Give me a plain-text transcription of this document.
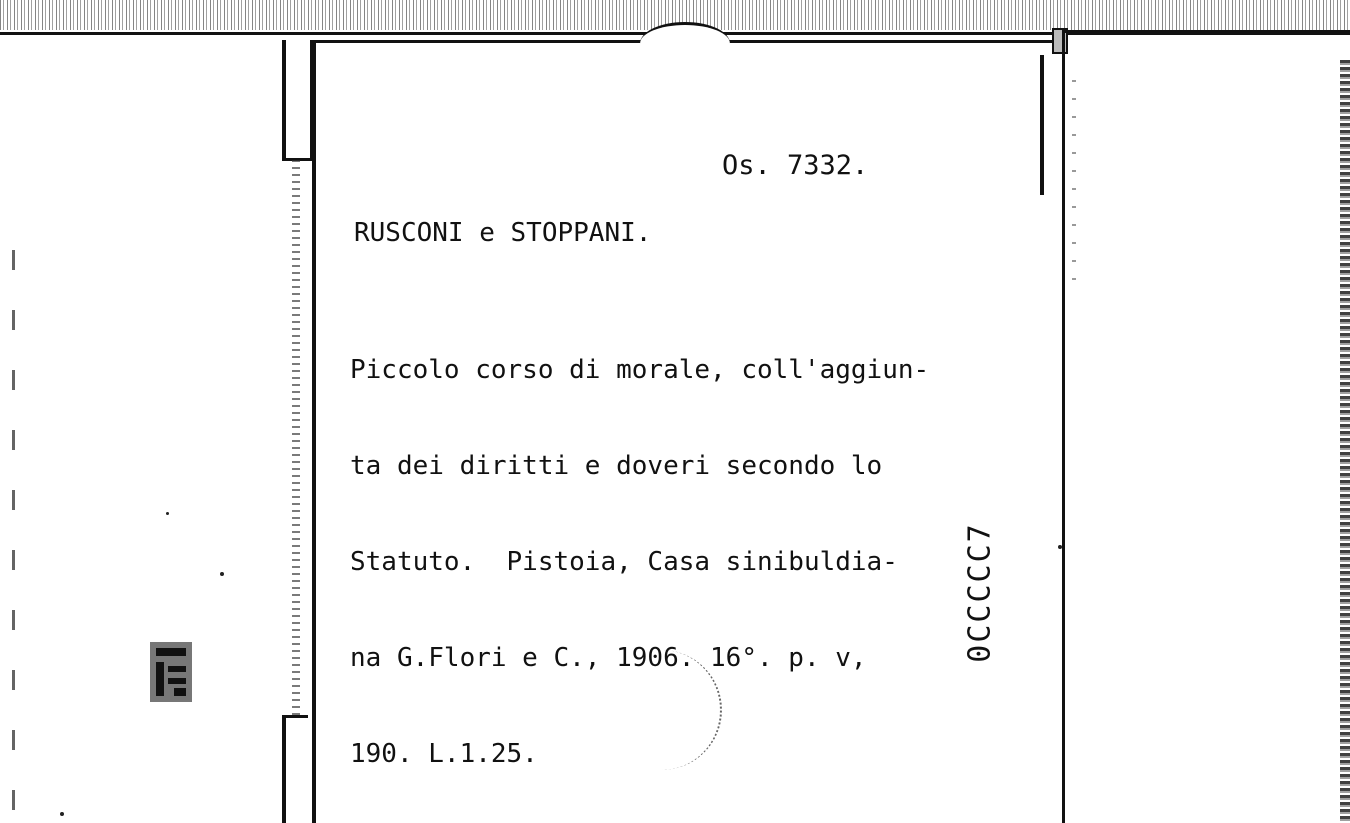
Os. 7332.
RUSCONI e STOPPANI.

Piccolo corso di morale, coll'aggiun-

ta dei diritti e doveri secondo lo

Statuto.  Pistoia, Casa sinibuldia-

na G.Flori e C., 1906. 16°. p. v,

190. L.1.25.

0CCCCC7
